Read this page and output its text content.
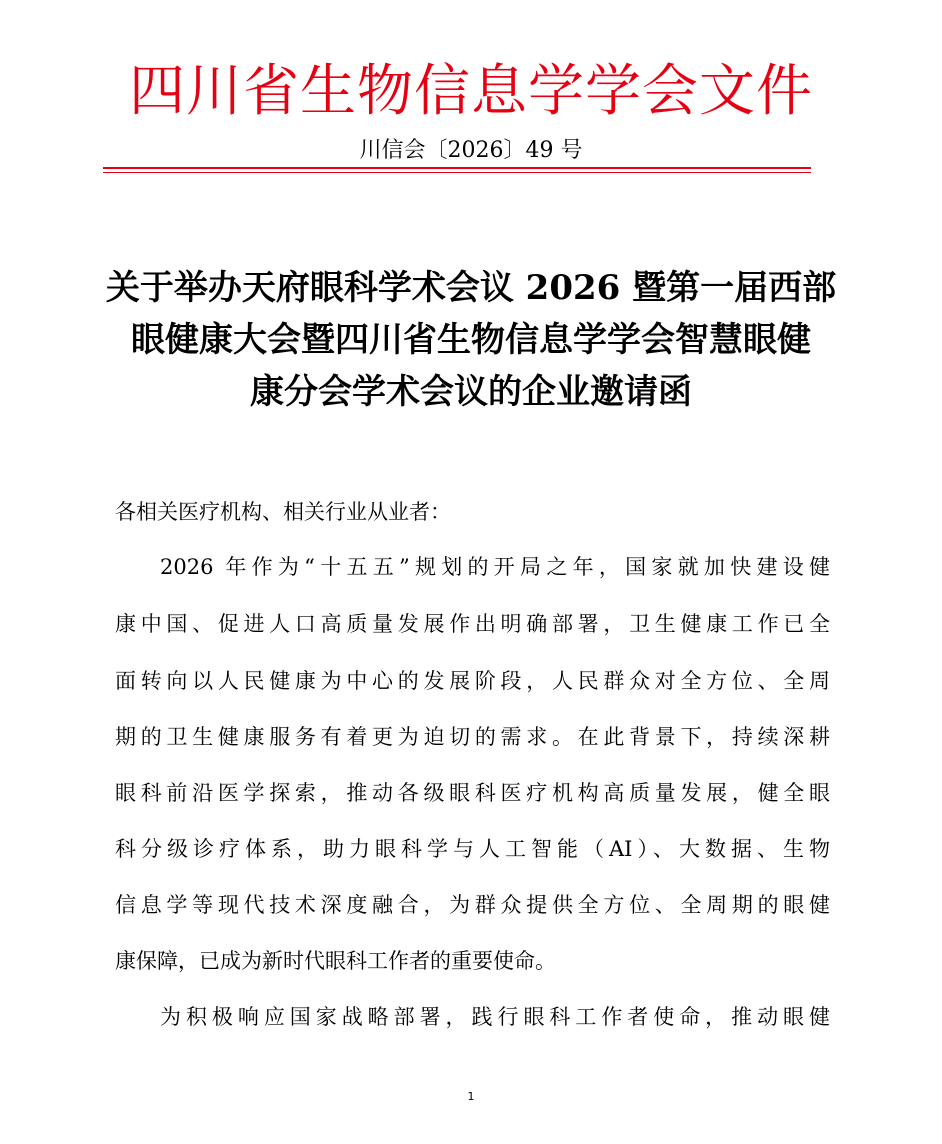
四川省生物信息学学会文件
川信会〔2026〕49 号
关于举办天府眼科学术会议 2026 暨第一届西部
眼健康大会暨四川省生物信息学学会智慧眼健
康分会学术会议的企业邀请函
各相关医疗机构、相关行业从业者：
2026 年作为“十五五”规划的开局之年，国家就加快建设健
康中国、促进人口高质量发展作出明确部署，卫生健康工作已全
面转向以人民健康为中心的发展阶段，人民群众对全方位、全周
期的卫生健康服务有着更为迫切的需求。在此背景下，持续深耕
眼科前沿医学探索，推动各级眼科医疗机构高质量发展，健全眼
科分级诊疗体系，助力眼科学与人工智能（AI）、大数据、生物
信息学等现代技术深度融合，为群众提供全方位、全周期的眼健
康保障，已成为新时代眼科工作者的重要使命。
为积极响应国家战略部署，践行眼科工作者使命，推动眼健
1
